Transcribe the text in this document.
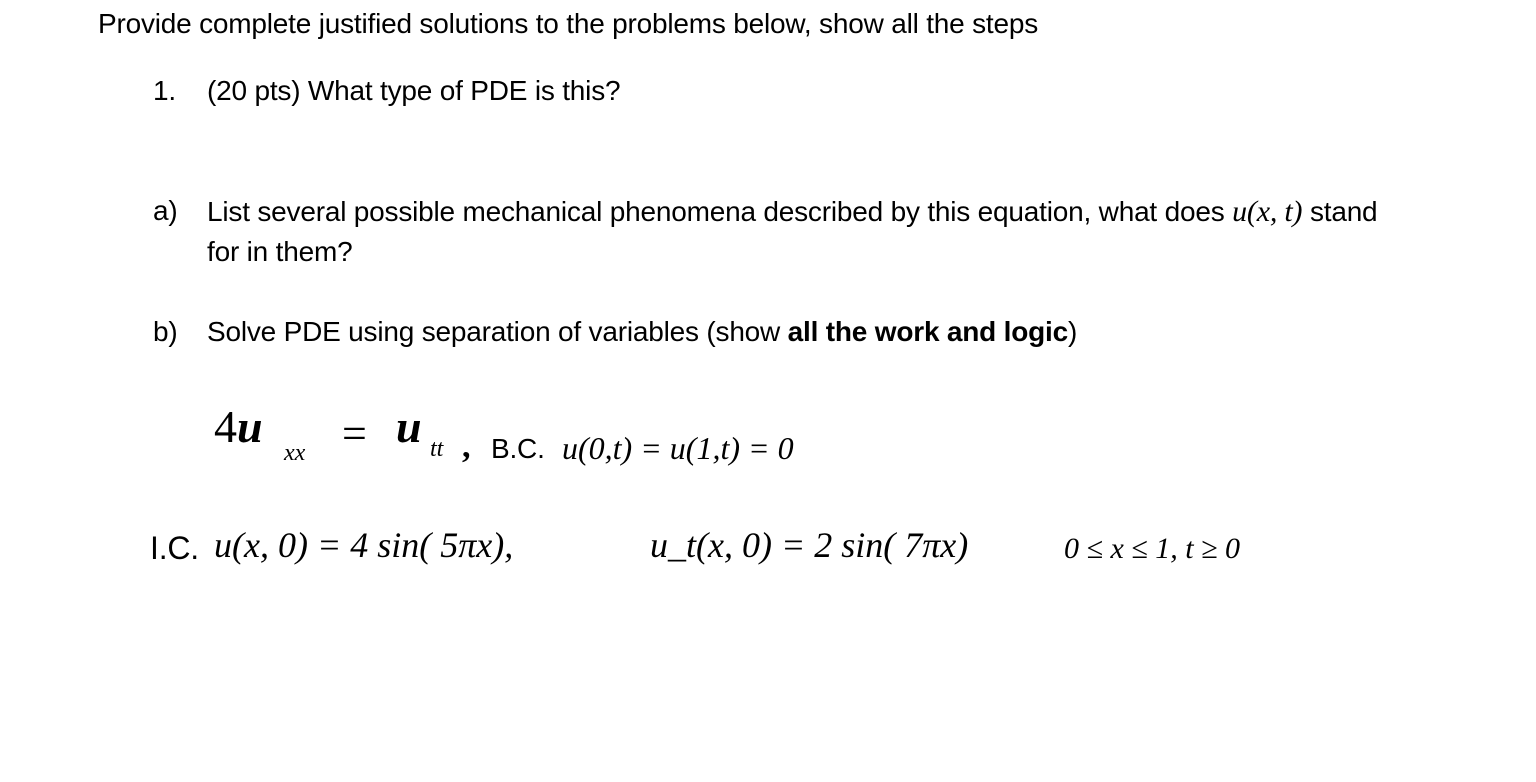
Provide complete justified solutions to the problems below, show all the steps
1. (20 pts) What type of PDE is this?
a) List several possible mechanical phenomena described by this equation, what does u(x, t) stand
for in them?
b) Solve PDE using separation of variables (show all the work and logic)
4u
xx = u tt , B.C. u(0,t) = u(1,t) = 0
I.C. u(x, 0) = 4 sin( 5πx),	u_t(x, 0) = 2 sin( 7πx)	0 ≤ x ≤ 1, t ≥ 0
